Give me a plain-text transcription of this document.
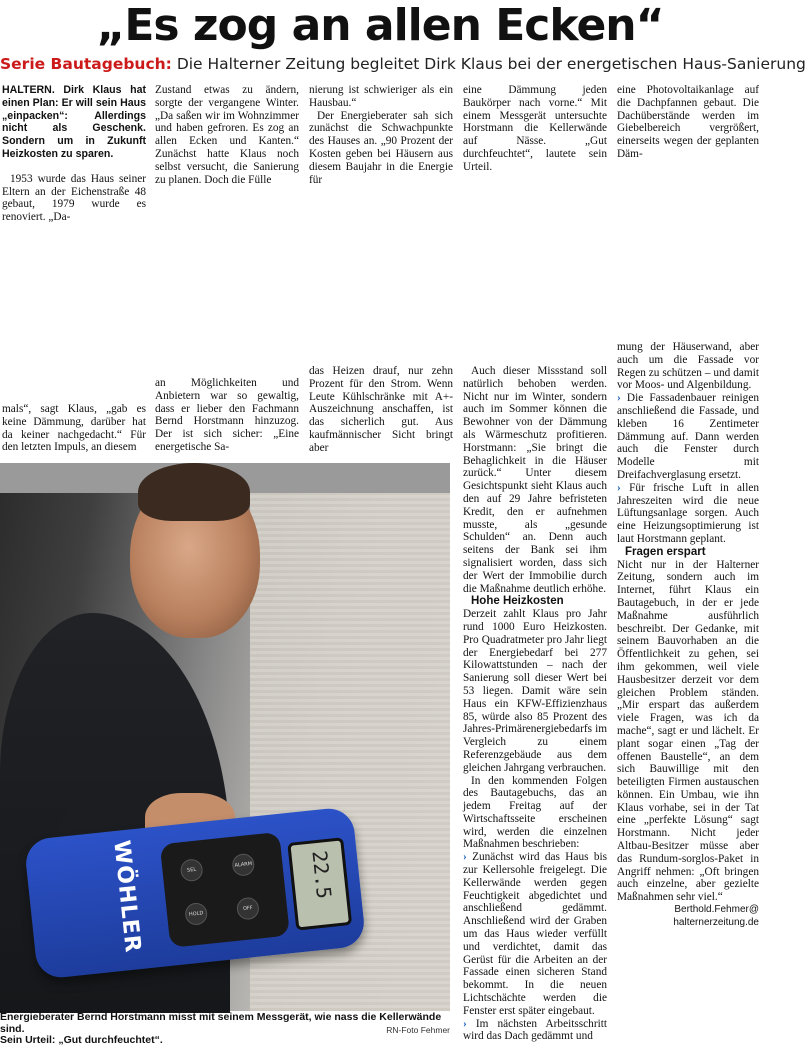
„Es zog an allen Ecken“
Serie Bautagebuch: Die Halterner Zeitung begleitet Dirk Klaus bei der energetischen Haus-Sanierung

HALTERN. Dirk Klaus hat einen Plan: Er will sein Haus „einpacken“: Allerdings nicht als Geschenk. Sondern um in Zukunft Heizkosten zu sparen.

1953 wurde das Haus seiner Eltern an der Eichenstraße 48 gebaut, 1979 wurde es renoviert. „Da-

Zustand etwas zu ändern, sorgte der vergangene Winter. „Da saßen wir im Wohnzimmer und haben gefroren. Es zog an allen Ecken und Kanten.“ Zunächst hatte Klaus noch selbst versucht, die Sanierung zu planen. Doch die Fülle

nierung ist schwieriger als ein Hausbau.“

Der Energieberater sah sich zunächst die Schwachpunkte des Hauses an. „90 Prozent der Kosten geben bei Häusern aus diesem Baujahr in die Energie für

eine Dämmung jeden Baukörper nach vorne.“ Mit einem Messgerät untersuchte Horstmann die Kellerwände auf Nässe. „Gut durchfeuchtet“, lautete sein Urteil.

eine Photovoltaikanlage auf die Dachpfannen gebaut. Die Dachüberstände werden im Giebelbereich vergrößert, einerseits wegen der geplanten Däm-

mals“, sagt Klaus, „gab es keine Dämmung, darüber hat da keiner nachgedacht.“ Für den letzten Impuls, an diesem

an Möglichkeiten und Anbietern war so gewaltig, dass er lieber den Fachmann Bernd Horstmann hinzuzog. Der ist sich sicher: „Eine energetische Sa-

das Heizen drauf, nur zehn Prozent für den Strom. Wenn Leute Kühlschränke mit A+-Auszeichnung anschaffen, ist das sicherlich gut. Aus kaufmännischer Sicht bringt aber

Auch dieser Missstand soll natürlich behoben werden. Nicht nur im Winter, sondern auch im Sommer können die Bewohner von der Dämmung als Wärmeschutz profitieren. Horstmann: „Sie bringt die Behaglichkeit in die Häuser zurück.“ Unter diesem Gesichtspunkt sieht Klaus auch den auf 29 Jahre befristeten Kredit, den er aufnehmen musste, als „gesunde Schulden“ an. Denn auch seitens der Bank sei ihm signalisiert worden, dass sich der Wert der Immobilie durch die Maßnahme deutlich erhöhe.

Hohe Heizkosten

Derzeit zahlt Klaus pro Jahr rund 1000 Euro Heizkosten. Pro Quadratmeter pro Jahr liegt der Energiebedarf bei 277 Kilowattstunden – nach der Sanierung soll dieser Wert bei 53 liegen. Damit wäre sein Haus ein KFW-Effizienzhaus 85, würde also 85 Prozent des Jahres-Primärenergiebedarfs im Vergleich zu einem Referenzgebäude aus dem gleichen Jahrgang verbrauchen.

In den kommenden Folgen des Bautagebuchs, das an jedem Freitag auf der Wirtschaftsseite erscheinen wird, werden die einzelnen Maßnahmen beschrieben:

› Zunächst wird das Haus bis zur Kellersohle freigelegt. Die Kellerwände werden gegen Feuchtigkeit abgedichtet und anschließend gedämmt. Anschließend wird der Graben um das Haus wieder verfüllt und verdichtet, damit das Gerüst für die Arbeiten an der Fassade einen sicheren Stand bekommt. In die neuen Lichtschächte werden die Fenster erst später eingebaut.

› Im nächsten Arbeitsschritt wird das Dach gedämmt und

mung der Häuserwand, aber auch um die Fassade vor Regen zu schützen – und damit vor Moos- und Algenbildung.

› Die Fassadenbauer reinigen anschließend die Fassade, und kleben 16 Zentimeter Dämmung auf. Dann werden auch die Fenster durch Modelle mit Dreifachverglasung ersetzt.

› Für frische Luft in allen Jahreszeiten wird die neue Lüftungsanlage sorgen. Auch eine Heizungsoptimierung ist laut Horstmann geplant.

Fragen erspart

Nicht nur in der Halterner Zeitung, sondern auch im Internet, führt Klaus ein Bautagebuch, in der er jede Maßnahme ausführlich beschreibt. Der Gedanke, mit seinem Bauvorhaben an die Öffentlichkeit zu gehen, sei ihm gekommen, weil viele Hausbesitzer derzeit vor dem gleichen Problem ständen. „Mir erspart das außerdem viele Fragen, was ich da mache“, sagt er und lächelt. Er plant sogar einen „Tag der offenen Baustelle“, an dem sich Bauwillige mit den beteiligten Firmen austauschen können. Ein Umbau, wie ihn Klaus vorhabe, sei in der Tat eine „perfekte Lösung“ sagt Horstmann. Nicht jeder Altbau-Besitzer müsse aber das Rundum-sorglos-Paket in Angriff nehmen: „Oft bringen auch einzelne, aber gezielte Maßnahmen sehr viel.“

Berthold.Fehmer@
halternerzeitung.de

WÖHLER	SEL
ALARM
HOLD
OFF
22.5
Energieberater Bernd Horstmann misst mit seinem Messgerät, wie nass die Kellerwände sind.
Sein Urteil: „Gut durchfeuchtet“.
RN-Foto Fehmer
